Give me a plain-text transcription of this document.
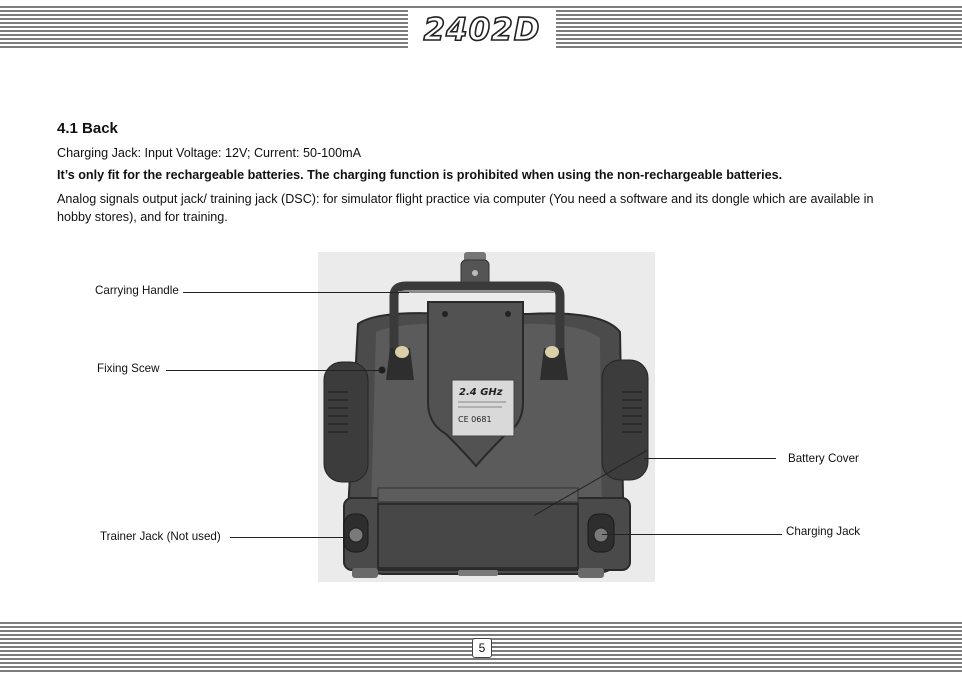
2402D
4.1 Back
Charging Jack: Input Voltage: 12V; Current: 50-100mA
It’s only fit for the rechargeable batteries. The charging function is prohibited when using the non-rechargeable batteries.
Analog signals output jack/ training jack (DSC): for simulator flight practice via computer (You need a software and its dongle which are available in hobby stores), and for training.
2.4 GHz
CE 0681
Carrying Handle
Fixing Scew
Battery Cover
Trainer Jack (Not used)	Charging Jack
5
